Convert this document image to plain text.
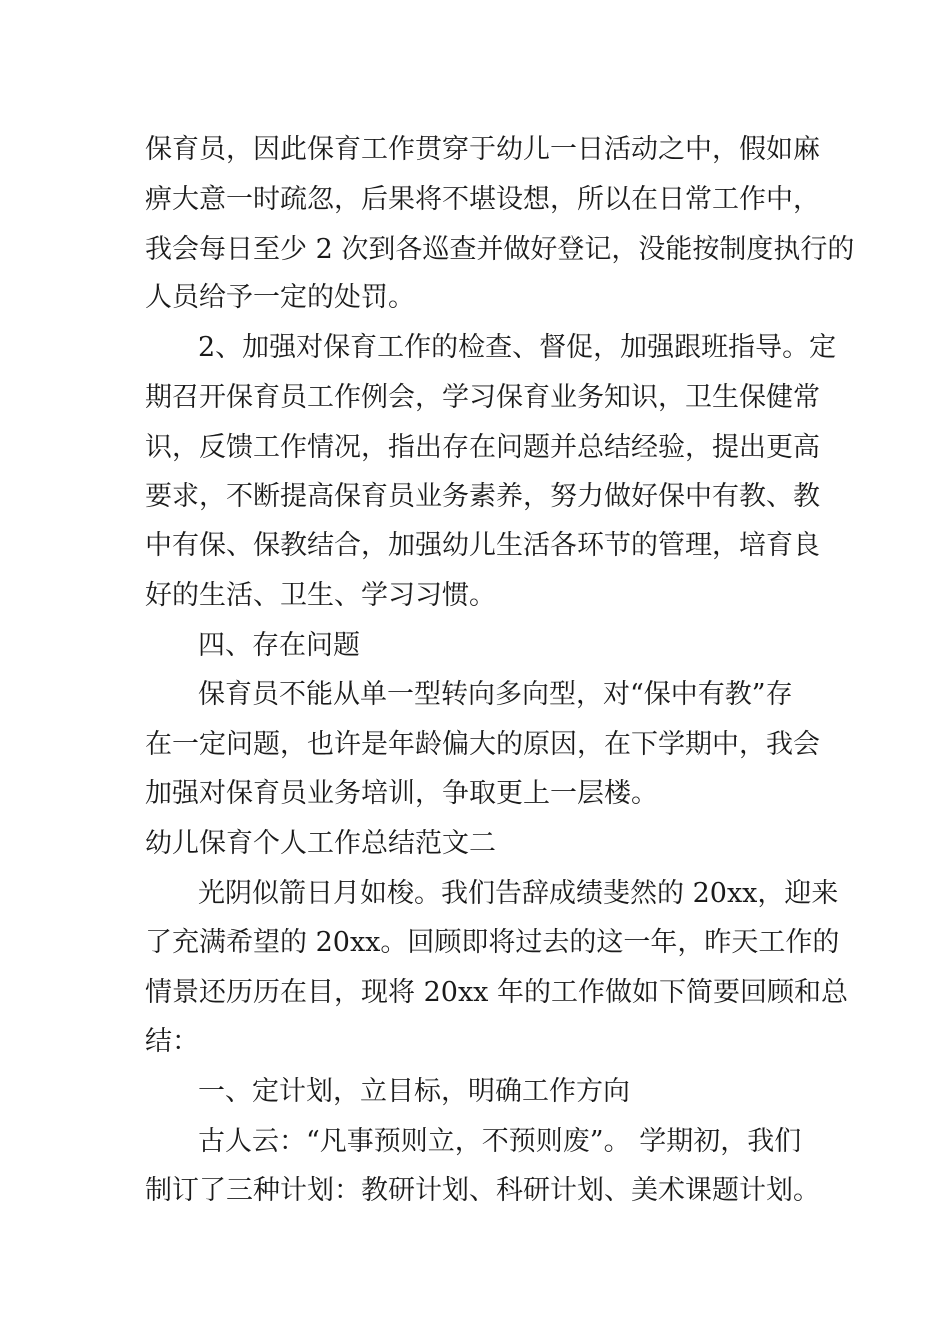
保育员，因此保育工作贯穿于幼儿一日活动之中，假如麻
痹大意一时疏忽，后果将不堪设想，所以在日常工作中，
我会每日至少 2 次到各巡查并做好登记，没能按制度执行的
人员给予一定的处罚。
2、加强对保育工作的检查、督促，加强跟班指导。定
期召开保育员工作例会，学习保育业务知识，卫生保健常
识，反馈工作情况，指出存在问题并总结经验，提出更高
要求，不断提高保育员业务素养，努力做好保中有教、教
中有保、保教结合，加强幼儿生活各环节的管理，培育良
好的生活、卫生、学习习惯。
四、存在问题
保育员不能从单一型转向多向型，对“保中有教”存
在一定问题，也许是年龄偏大的原因，在下学期中，我会
加强对保育员业务培训，争取更上一层楼。
幼儿保育个人工作总结范文二
光阴似箭日月如梭。我们告辞成绩斐然的 20xx，迎来
了充满希望的 20xx。回顾即将过去的这一年，昨天工作的
情景还历历在目，现将 20xx 年的工作做如下简要回顾和总
结：
一、定计划，立目标，明确工作方向
古人云：“凡事预则立，不预则废”。 学期初，我们
制订了三种计划：教研计划、科研计划、美术课题计划。
